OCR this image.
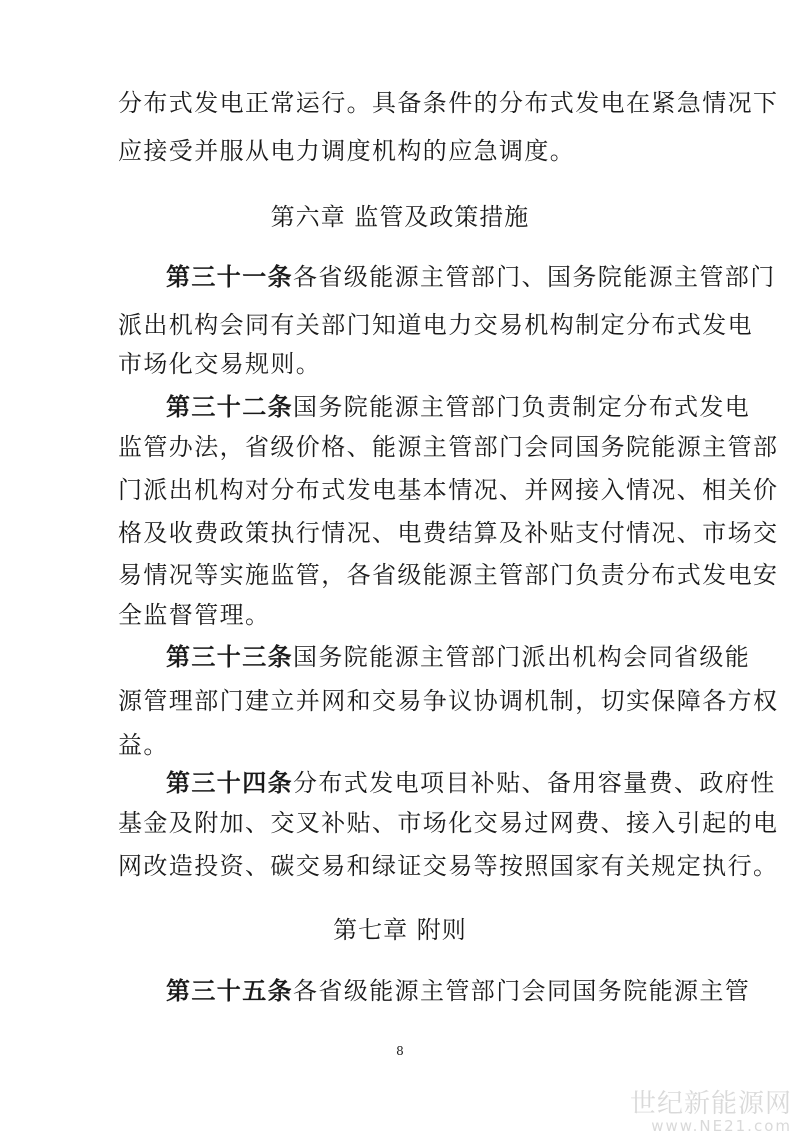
分布式发电正常运行。具备条件的分布式发电在紧急情况下
应接受并服从电力调度机构的应急调度。
第六章 监管及政策措施
第三十一条各省级能源主管部门、国务院能源主管部门
派出机构会同有关部门知道电力交易机构制定分布式发电
市场化交易规则。
第三十二条国务院能源主管部门负责制定分布式发电
监管办法，省级价格、能源主管部门会同国务院能源主管部
门派出机构对分布式发电基本情况、并网接入情况、相关价
格及收费政策执行情况、电费结算及补贴支付情况、市场交
易情况等实施监管，各省级能源主管部门负责分布式发电安
全监督管理。
第三十三条国务院能源主管部门派出机构会同省级能
源管理部门建立并网和交易争议协调机制，切实保障各方权
益。
第三十四条分布式发电项目补贴、备用容量费、政府性
基金及附加、交叉补贴、市场化交易过网费、接入引起的电
网改造投资、碳交易和绿证交易等按照国家有关规定执行。
第七章 附则
第三十五条各省级能源主管部门会同国务院能源主管
8
世纪新能源网
www.NE21.com
